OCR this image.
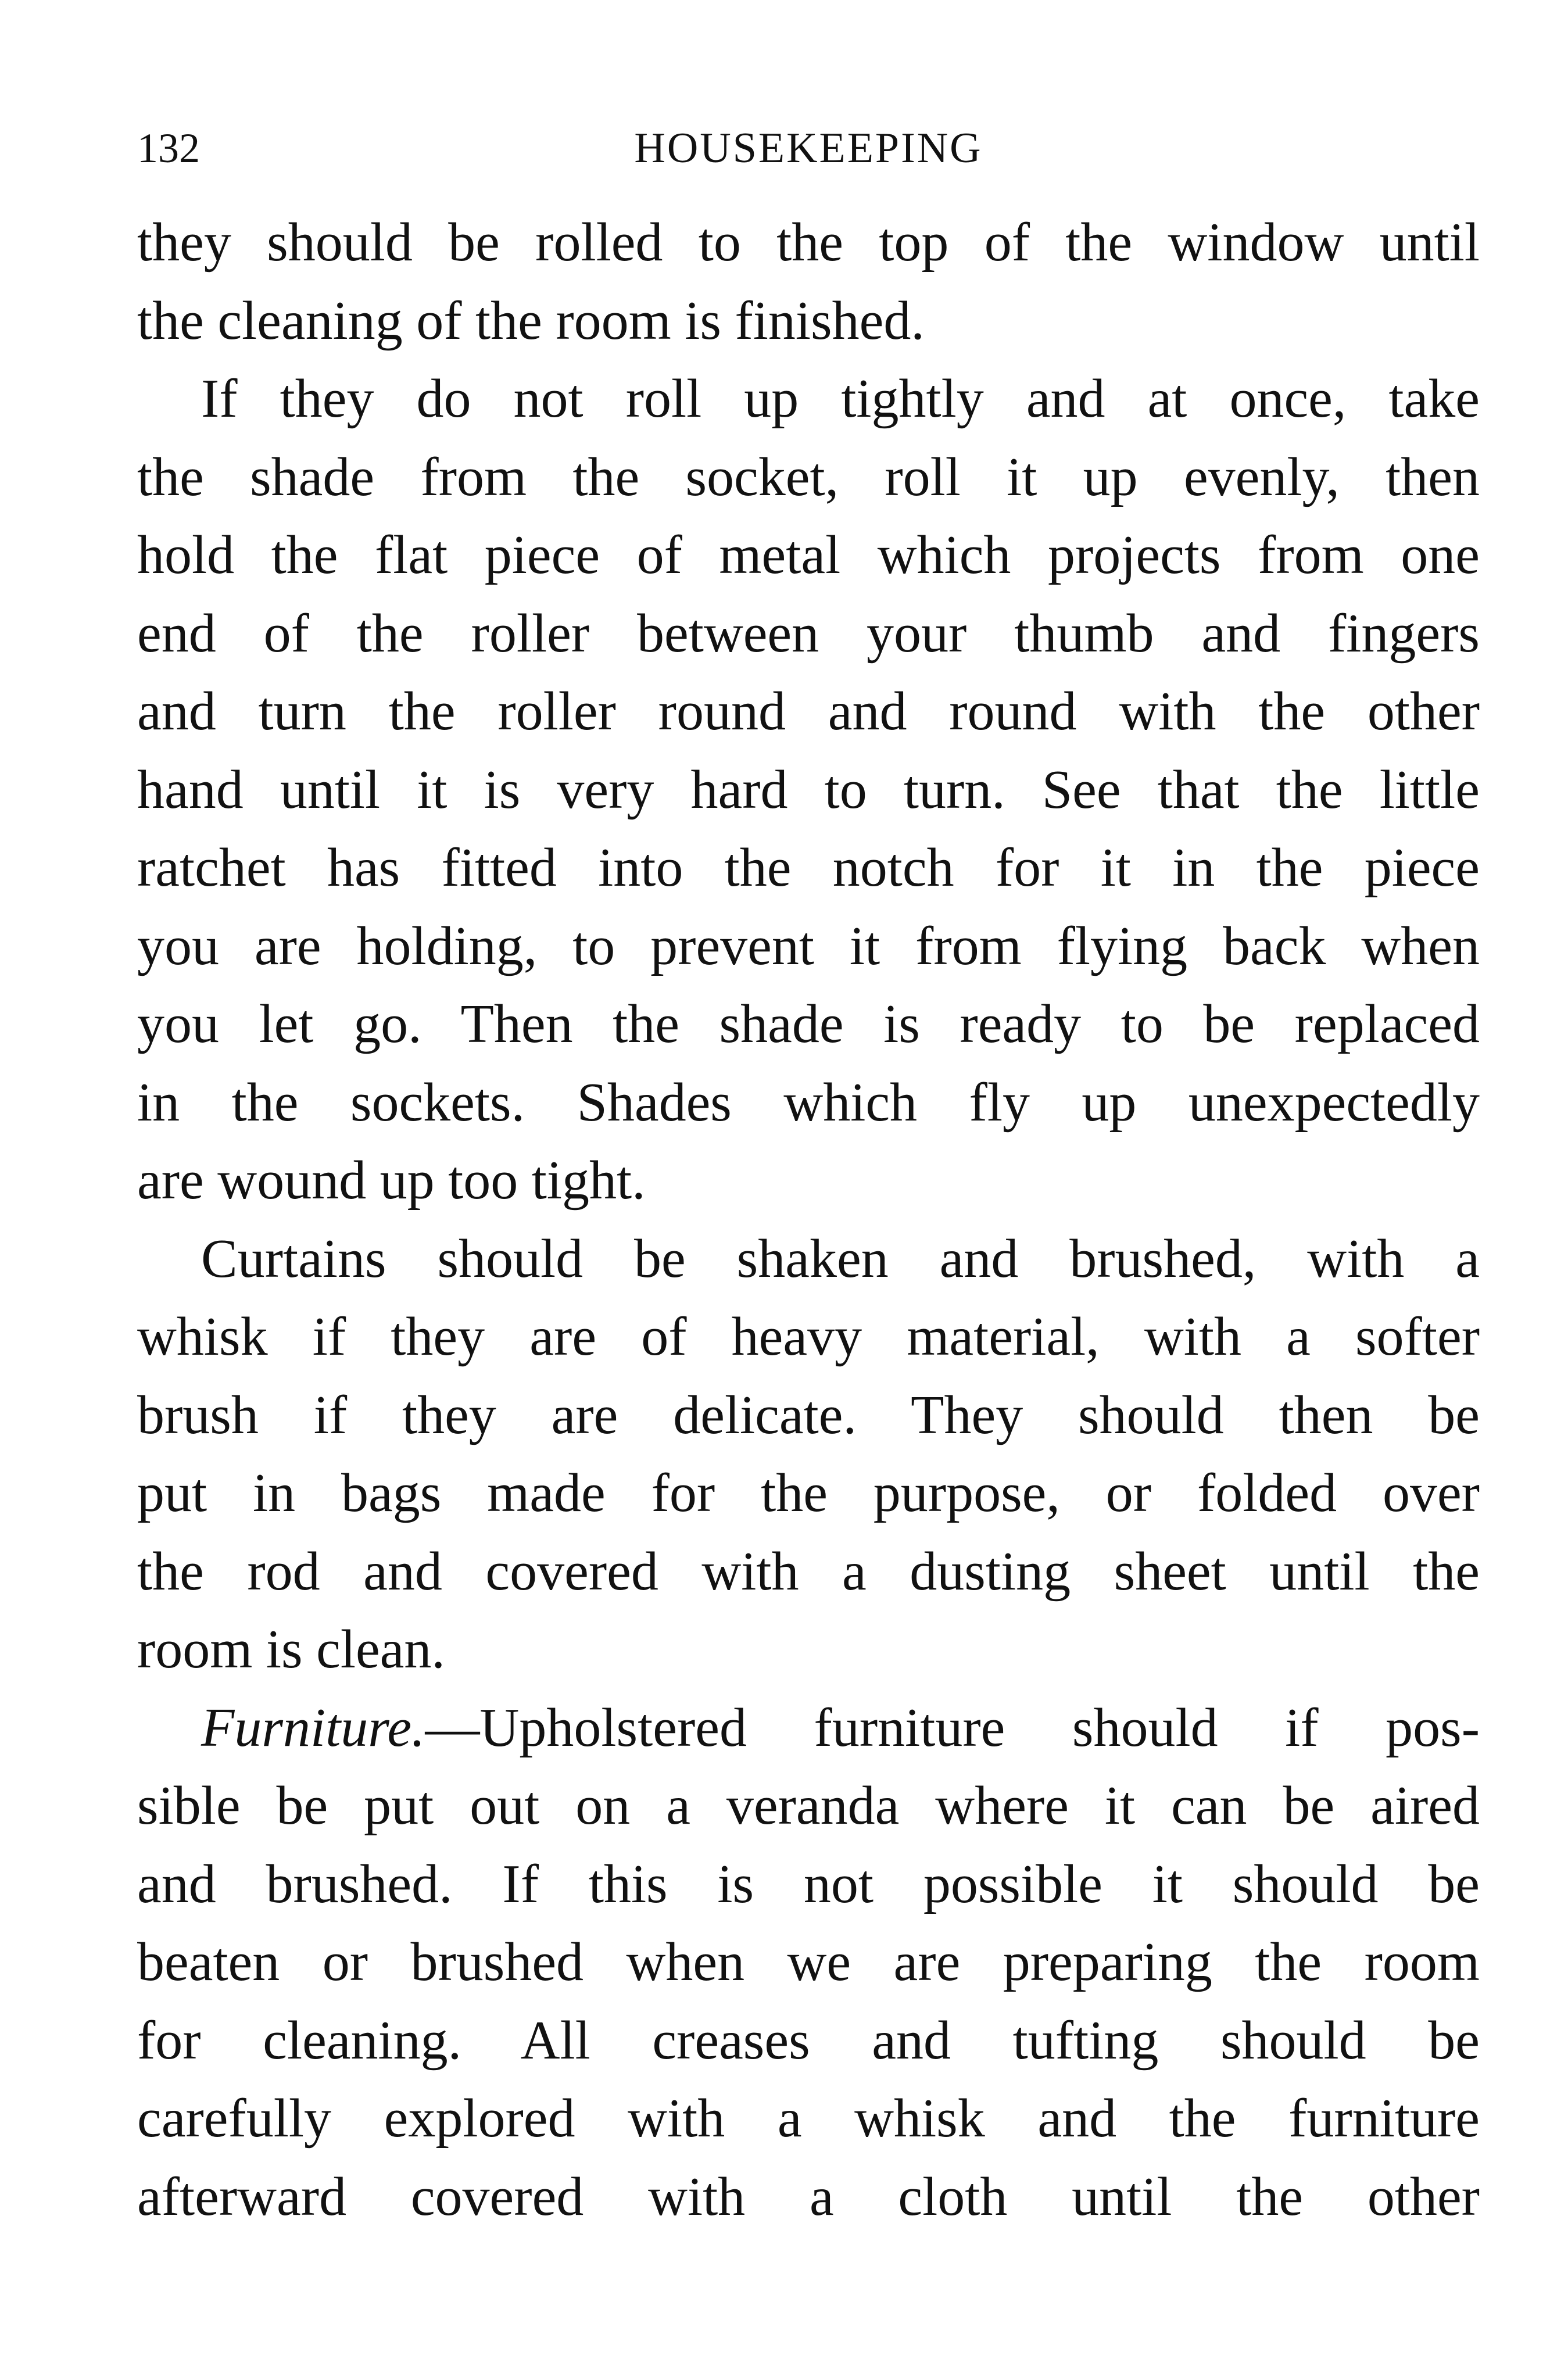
132	HOUSEKEEPING
they should be rolled to the top of the window until
the cleaning of the room is finished.
If they do not roll up tightly and at once, take
the shade from the socket, roll it up evenly, then
hold the flat piece of metal which projects from one
end of the roller between your thumb and fingers
and turn the roller round and round with the other
hand until it is very hard to turn. See that the little
ratchet has fitted into the notch for it in the piece
you are holding, to prevent it from flying back when
you let go. Then the shade is ready to be replaced
in the sockets. Shades which fly up unexpectedly
are wound up too tight.
Curtains should be shaken and brushed, with a
whisk if they are of heavy material, with a softer
brush if they are delicate. They should then be
put in bags made for the purpose, or folded over
the rod and covered with a dusting sheet until the
room is clean.
Furniture.—Upholstered furniture should if pos-
sible be put out on a veranda where it can be aired
and brushed. If this is not possible it should be
beaten or brushed when we are preparing the room
for cleaning. All creases and tufting should be
carefully explored with a whisk and the furniture
afterward covered with a cloth until the other
